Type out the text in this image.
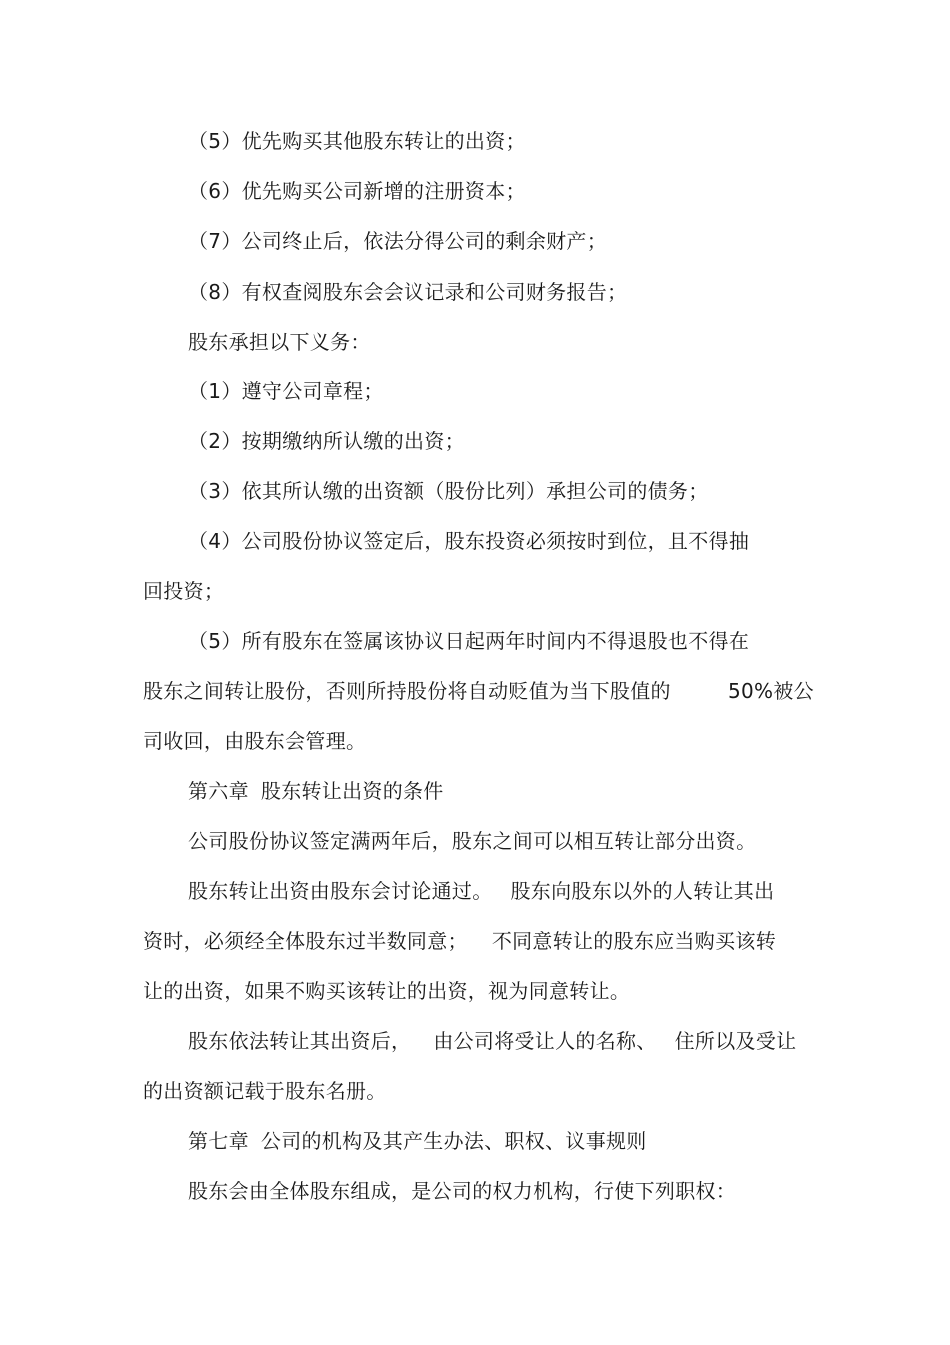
（5）优先购买其他股东转让的出资；
（6）优先购买公司新增的注册资本；
（7）公司终止后，依法分得公司的剩余财产；
（8）有权查阅股东会会议记录和公司财务报告；
股东承担以下义务：
（1）遵守公司章程；
（2）按期缴纳所认缴的出资；
（3）依其所认缴的出资额（股份比列）承担公司的债务；
（4）公司股份协议签定后，股东投资必须按时到位，且不得抽
回投资；
（5）所有股东在签属该协议日起两年时间内不得退股也不得在
股东之间转让股份，否则所持股份将自动贬值为当下股值的	50%被公
司收回，由股东会管理。
第六章 股东转让出资的条件
公司股份协议签定满两年后，股东之间可以相互转让部分出资。
股东转让出资由股东会讨论通过。 股东向股东以外的人转让其出
资时，必须经全体股东过半数同意； 不同意转让的股东应当购买该转
让的出资，如果不购买该转让的出资，视为同意转让。
股东依法转让其出资后， 由公司将受让人的名称、 住所以及受让
的出资额记载于股东名册。
第七章 公司的机构及其产生办法、职权、议事规则
股东会由全体股东组成，是公司的权力机构，行使下列职权：
